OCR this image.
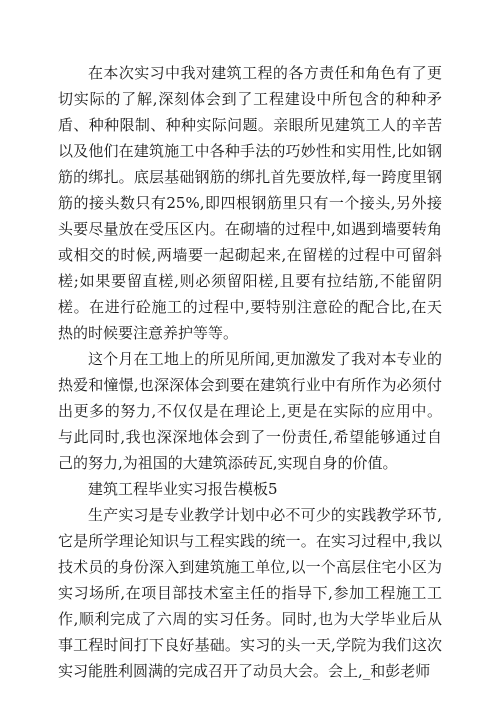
在本次实习中我对建筑工程的各方责任和角色有了更切实际的了解,深刻体会到了工程建设中所包含的种种矛盾、种种限制、种种实际问题。亲眼所见建筑工人的辛苦以及他们在建筑施工中各种手法的巧妙性和实用性,比如钢筋的绑扎。底层基础钢筋的绑扎首先要放样,每一跨度里钢筋的接头数只有25%,即四根钢筋里只有一个接头,另外接头要尽量放在受压区内。在砌墙的过程中,如遇到墙要转角或相交的时候,两墙要一起砌起来,在留槎的过程中可留斜槎;如果要留直槎,则必须留阳槎,且要有拉结筋,不能留阴槎。在进行砼施工的过程中,要特别注意砼的配合比,在天热的时候要注意养护等等。

这个月在工地上的所见所闻,更加激发了我对本专业的热爱和憧憬,也深深体会到要在建筑行业中有所作为必须付出更多的努力,不仅仅是在理论上,更是在实际的应用中。与此同时,我也深深地体会到了一份责任,希望能够通过自己的努力,为祖国的大建筑添砖瓦,实现自身的价值。

建筑工程毕业实习报告模板5

生产实习是专业教学计划中必不可少的实践教学环节,它是所学理论知识与工程实践的统一。在实习过程中,我以技术员的身份深入到建筑施工单位,以一个高层住宅小区为实习场所,在项目部技术室主任的指导下,参加工程施工工作,顺利完成了六周的实习任务。同时,也为大学毕业后从事工程时间打下良好基础。实习的头一天,学院为我们这次实习能胜利圆满的完成召开了动员大会。会上,_和彭老师
